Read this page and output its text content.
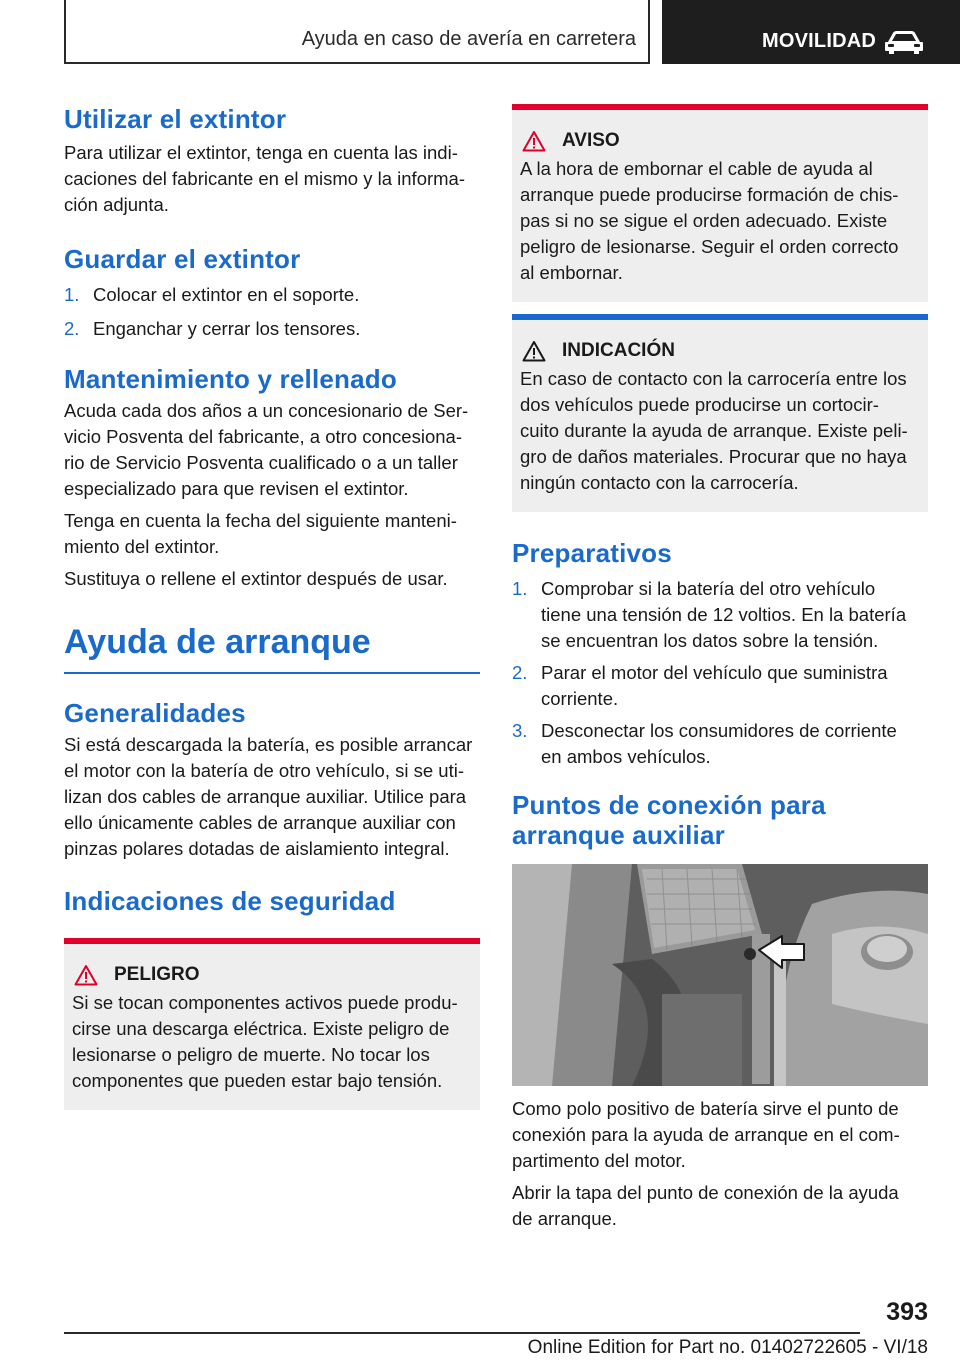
Ayuda en caso de avería en carretera	MOVILIDAD
Utilizar el extintor
Para utilizar el extintor, tenga en cuenta las indi-
caciones del fabricante en el mismo y la informa-
ción adjunta.
Guardar el extintor
1. Colocar el extintor en el soporte.
2. Enganchar y cerrar los tensores.
Mantenimiento y rellenado
Acuda cada dos años a un concesionario de Ser-
vicio Posventa del fabricante, a otro concesiona-
rio de Servicio Posventa cualificado o a un taller
especializado para que revisen el extintor.
Tenga en cuenta la fecha del siguiente manteni-
miento del extintor.
Sustituya o rellene el extintor después de usar.
Ayuda de arranque
Generalidades
Si está descargada la batería, es posible arrancar
el motor con la batería de otro vehículo, si se uti-
lizan dos cables de arranque auxiliar. Utilice para
ello únicamente cables de arranque auxiliar con
pinzas polares dotadas de aislamiento integral.
Indicaciones de seguridad
PELIGRO
Si se tocan componentes activos puede produ-
cirse una descarga eléctrica. Existe peligro de
lesionarse o peligro de muerte. No tocar los
componentes que pueden estar bajo tensión.
AVISO
A la hora de embornar el cable de ayuda al
arranque puede producirse formación de chis-
pas si no se sigue el orden adecuado. Existe
peligro de lesionarse. Seguir el orden correcto
al embornar.
INDICACIÓN
En caso de contacto con la carrocería entre los
dos vehículos puede producirse un cortocir-
cuito durante la ayuda de arranque. Existe peli-
gro de daños materiales. Procurar que no haya
ningún contacto con la carrocería.
Preparativos
1. Comprobar si la batería del otro vehículo
tiene una tensión de 12 voltios. En la batería
se encuentran los datos sobre la tensión.
2. Parar el motor del vehículo que suministra
corriente.
3. Desconectar los consumidores de corriente
en ambos vehículos.
Puntos de conexión para
arranque auxiliar
Como polo positivo de batería sirve el punto de
conexión para la ayuda de arranque en el com-
partimento del motor.
Abrir la tapa del punto de conexión de la ayuda
de arranque.
393
Online Edition for Part no. 01402722605 - VI/18
